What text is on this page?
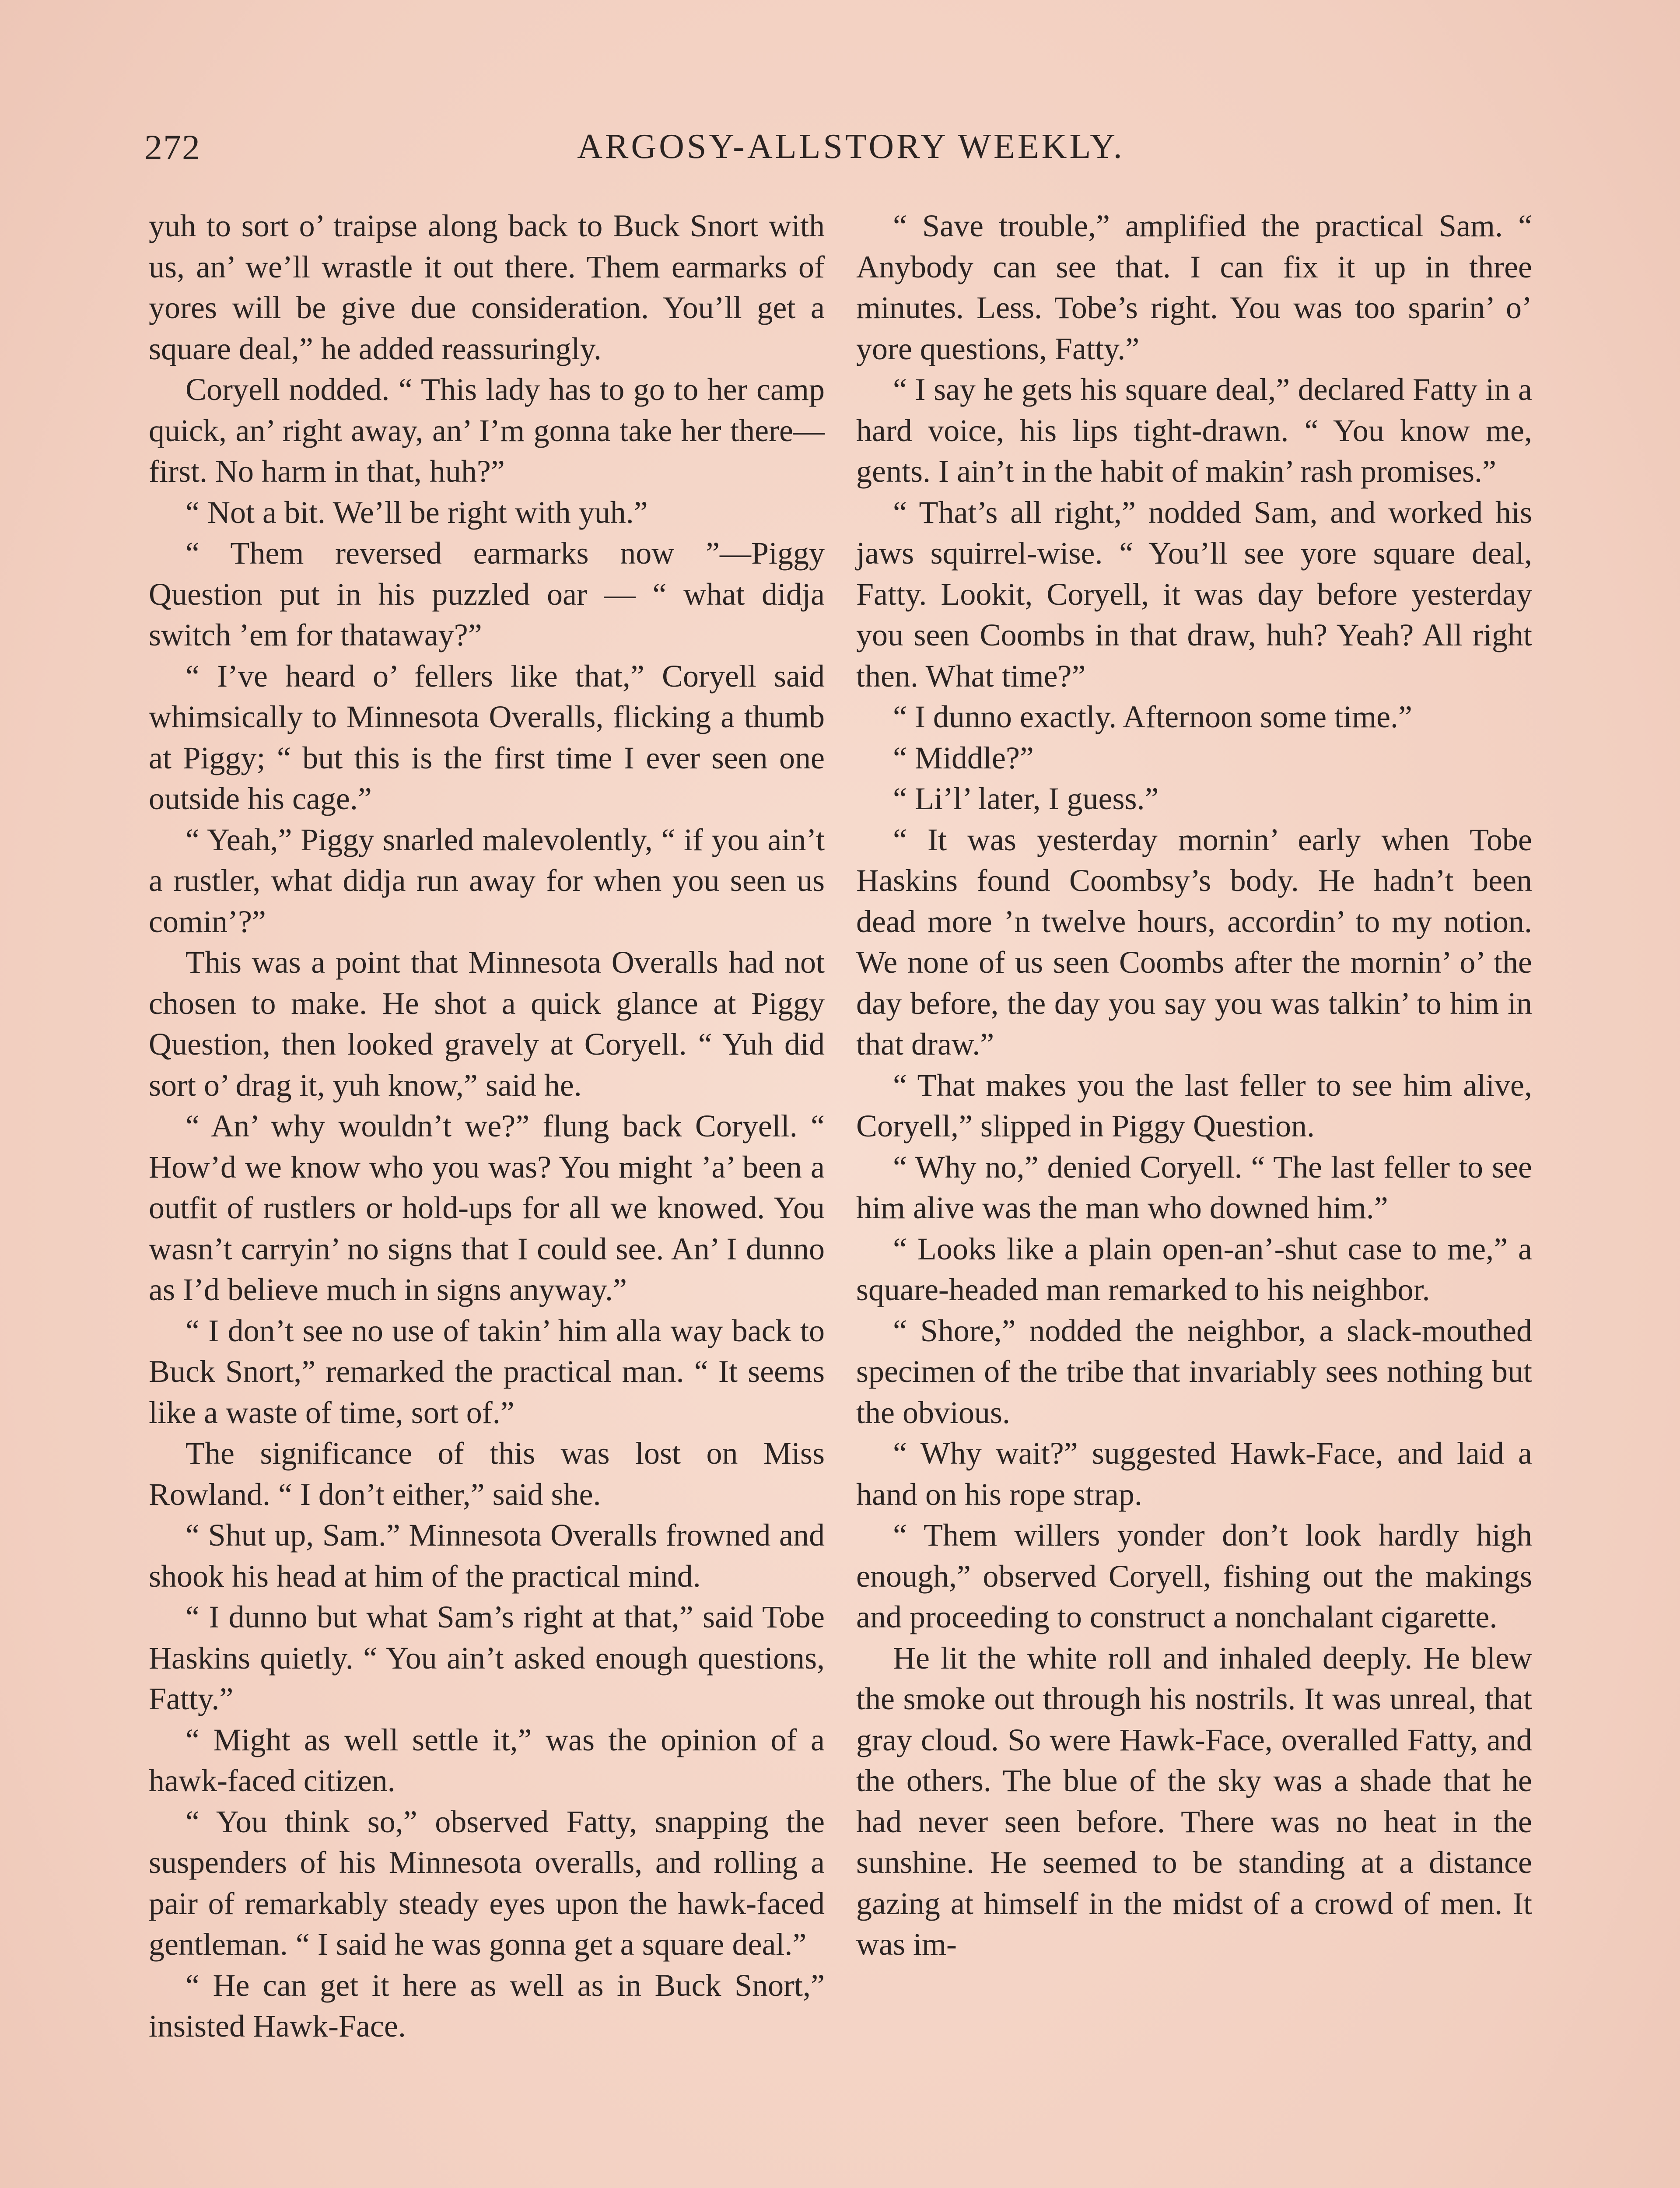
272	ARGOSY-ALLSTORY WEEKLY.

yuh to sort o’ traipse along back to Buck Snort with us, an’ we’ll wrastle it out there. Them earmarks of yores will be give due consideration. You’ll get a square deal,” he added reassuringly.

Coryell nodded. “ This lady has to go to her camp quick, an’ right away, an’ I’m gonna take her there—first. No harm in that, huh?”

“ Not a bit. We’ll be right with yuh.”

“ Them reversed earmarks now ”—Piggy Question put in his puzzled oar — “ what didja switch ’em for thataway?”

“ I’ve heard o’ fellers like that,” Coryell said whimsically to Minnesota Overalls, flicking a thumb at Piggy; “ but this is the first time I ever seen one outside his cage.”

“ Yeah,” Piggy snarled malevolently, “ if you ain’t a rustler, what didja run away for when you seen us comin’?”

This was a point that Minnesota Overalls had not chosen to make. He shot a quick glance at Piggy Question, then looked gravely at Coryell. “ Yuh did sort o’ drag it, yuh know,” said he.

“ An’ why wouldn’t we?” flung back Coryell. “ How’d we know who you was? You might ’a’ been a outfit of rustlers or hold-ups for all we knowed. You wasn’t carryin’ no signs that I could see. An’ I dunno as I’d believe much in signs anyway.”

“ I don’t see no use of takin’ him alla way back to Buck Snort,” remarked the practical man. “ It seems like a waste of time, sort of.”

The significance of this was lost on Miss Rowland. “ I don’t either,” said she.

“ Shut up, Sam.” Minnesota Overalls frowned and shook his head at him of the practical mind.

“ I dunno but what Sam’s right at that,” said Tobe Haskins quietly. “ You ain’t asked enough questions, Fatty.”

“ Might as well settle it,” was the opinion of a hawk-faced citizen.

“ You think so,” observed Fatty, snapping the suspenders of his Minnesota overalls, and rolling a pair of remarkably steady eyes upon the hawk-faced gentleman. “ I said he was gonna get a square deal.”

“ He can get it here as well as in Buck Snort,” insisted Hawk-Face.

“ Save trouble,” amplified the practical Sam. “ Anybody can see that. I can fix it up in three minutes. Less. Tobe’s right. You was too sparin’ o’ yore questions, Fatty.”

“ I say he gets his square deal,” declared Fatty in a hard voice, his lips tight-drawn. “ You know me, gents. I ain’t in the habit of makin’ rash promises.”

“ That’s all right,” nodded Sam, and worked his jaws squirrel-wise. “ You’ll see yore square deal, Fatty. Lookit, Coryell, it was day before yesterday you seen Coombs in that draw, huh? Yeah? All right then. What time?”

“ I dunno exactly. Afternoon some time.”

“ Middle?”

“ Li’l’ later, I guess.”

“ It was yesterday mornin’ early when Tobe Haskins found Coombsy’s body. He hadn’t been dead more ’n twelve hours, accordin’ to my notion. We none of us seen Coombs after the mornin’ o’ the day before, the day you say you was talkin’ to him in that draw.”

“ That makes you the last feller to see him alive, Coryell,” slipped in Piggy Question.

“ Why no,” denied Coryell. “ The last feller to see him alive was the man who downed him.”

“ Looks like a plain open-an’-shut case to me,” a square-headed man remarked to his neighbor.

“ Shore,” nodded the neighbor, a slack-mouthed specimen of the tribe that invariably sees nothing but the obvious.

“ Why wait?” suggested Hawk-Face, and laid a hand on his rope strap.

“ Them willers yonder don’t look hardly high enough,” observed Coryell, fishing out the makings and proceeding to construct a nonchalant cigarette.

He lit the white roll and inhaled deeply. He blew the smoke out through his nostrils. It was unreal, that gray cloud. So were Hawk-Face, overalled Fatty, and the others. The blue of the sky was a shade that he had never seen before. There was no heat in the sunshine. He seemed to be standing at a distance gazing at himself in the midst of a crowd of men. It was im-
